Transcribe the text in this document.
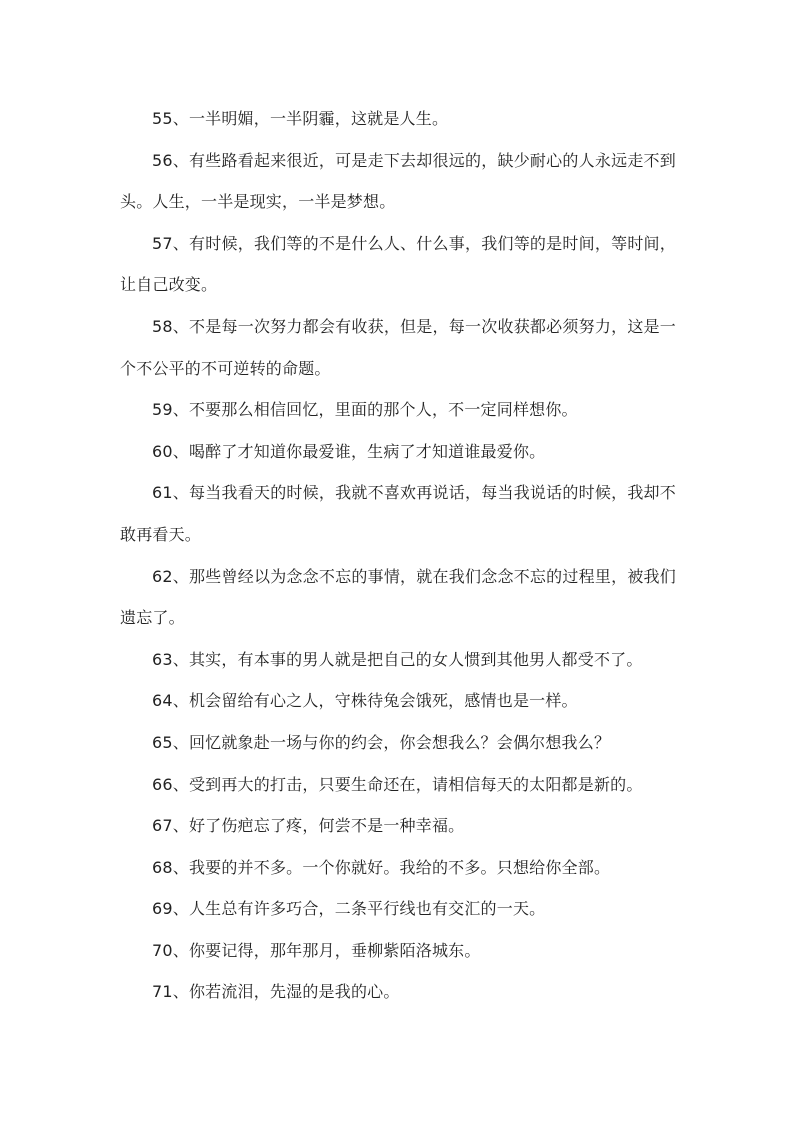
55、一半明媚，一半阴霾，这就是人生。

56、有些路看起来很近，可是走下去却很远的，缺少耐心的人永远走不到头。人生，一半是现实，一半是梦想。

57、有时候，我们等的不是什么人、什么事，我们等的是时间，等时间，让自己改变。

58、不是每一次努力都会有收获，但是，每一次收获都必须努力，这是一个不公平的不可逆转的命题。

59、不要那么相信回忆，里面的那个人，不一定同样想你。

60、喝醉了才知道你最爱谁，生病了才知道谁最爱你。

61、每当我看天的时候，我就不喜欢再说话，每当我说话的时候，我却不敢再看天。

62、那些曾经以为念念不忘的事情，就在我们念念不忘的过程里，被我们遗忘了。

63、其实，有本事的男人就是把自己的女人惯到其他男人都受不了。

64、机会留给有心之人，守株待兔会饿死，感情也是一样。

65、回忆就象赴一场与你的约会，你会想我么？会偶尔想我么？

66、受到再大的打击，只要生命还在，请相信每天的太阳都是新的。

67、好了伤疤忘了疼，何尝不是一种幸福。

68、我要的并不多。一个你就好。我给的不多。只想给你全部。

69、人生总有许多巧合，二条平行线也有交汇的一天。

70、你要记得，那年那月，垂柳紫陌洛城东。

71、你若流泪，先湿的是我的心。
